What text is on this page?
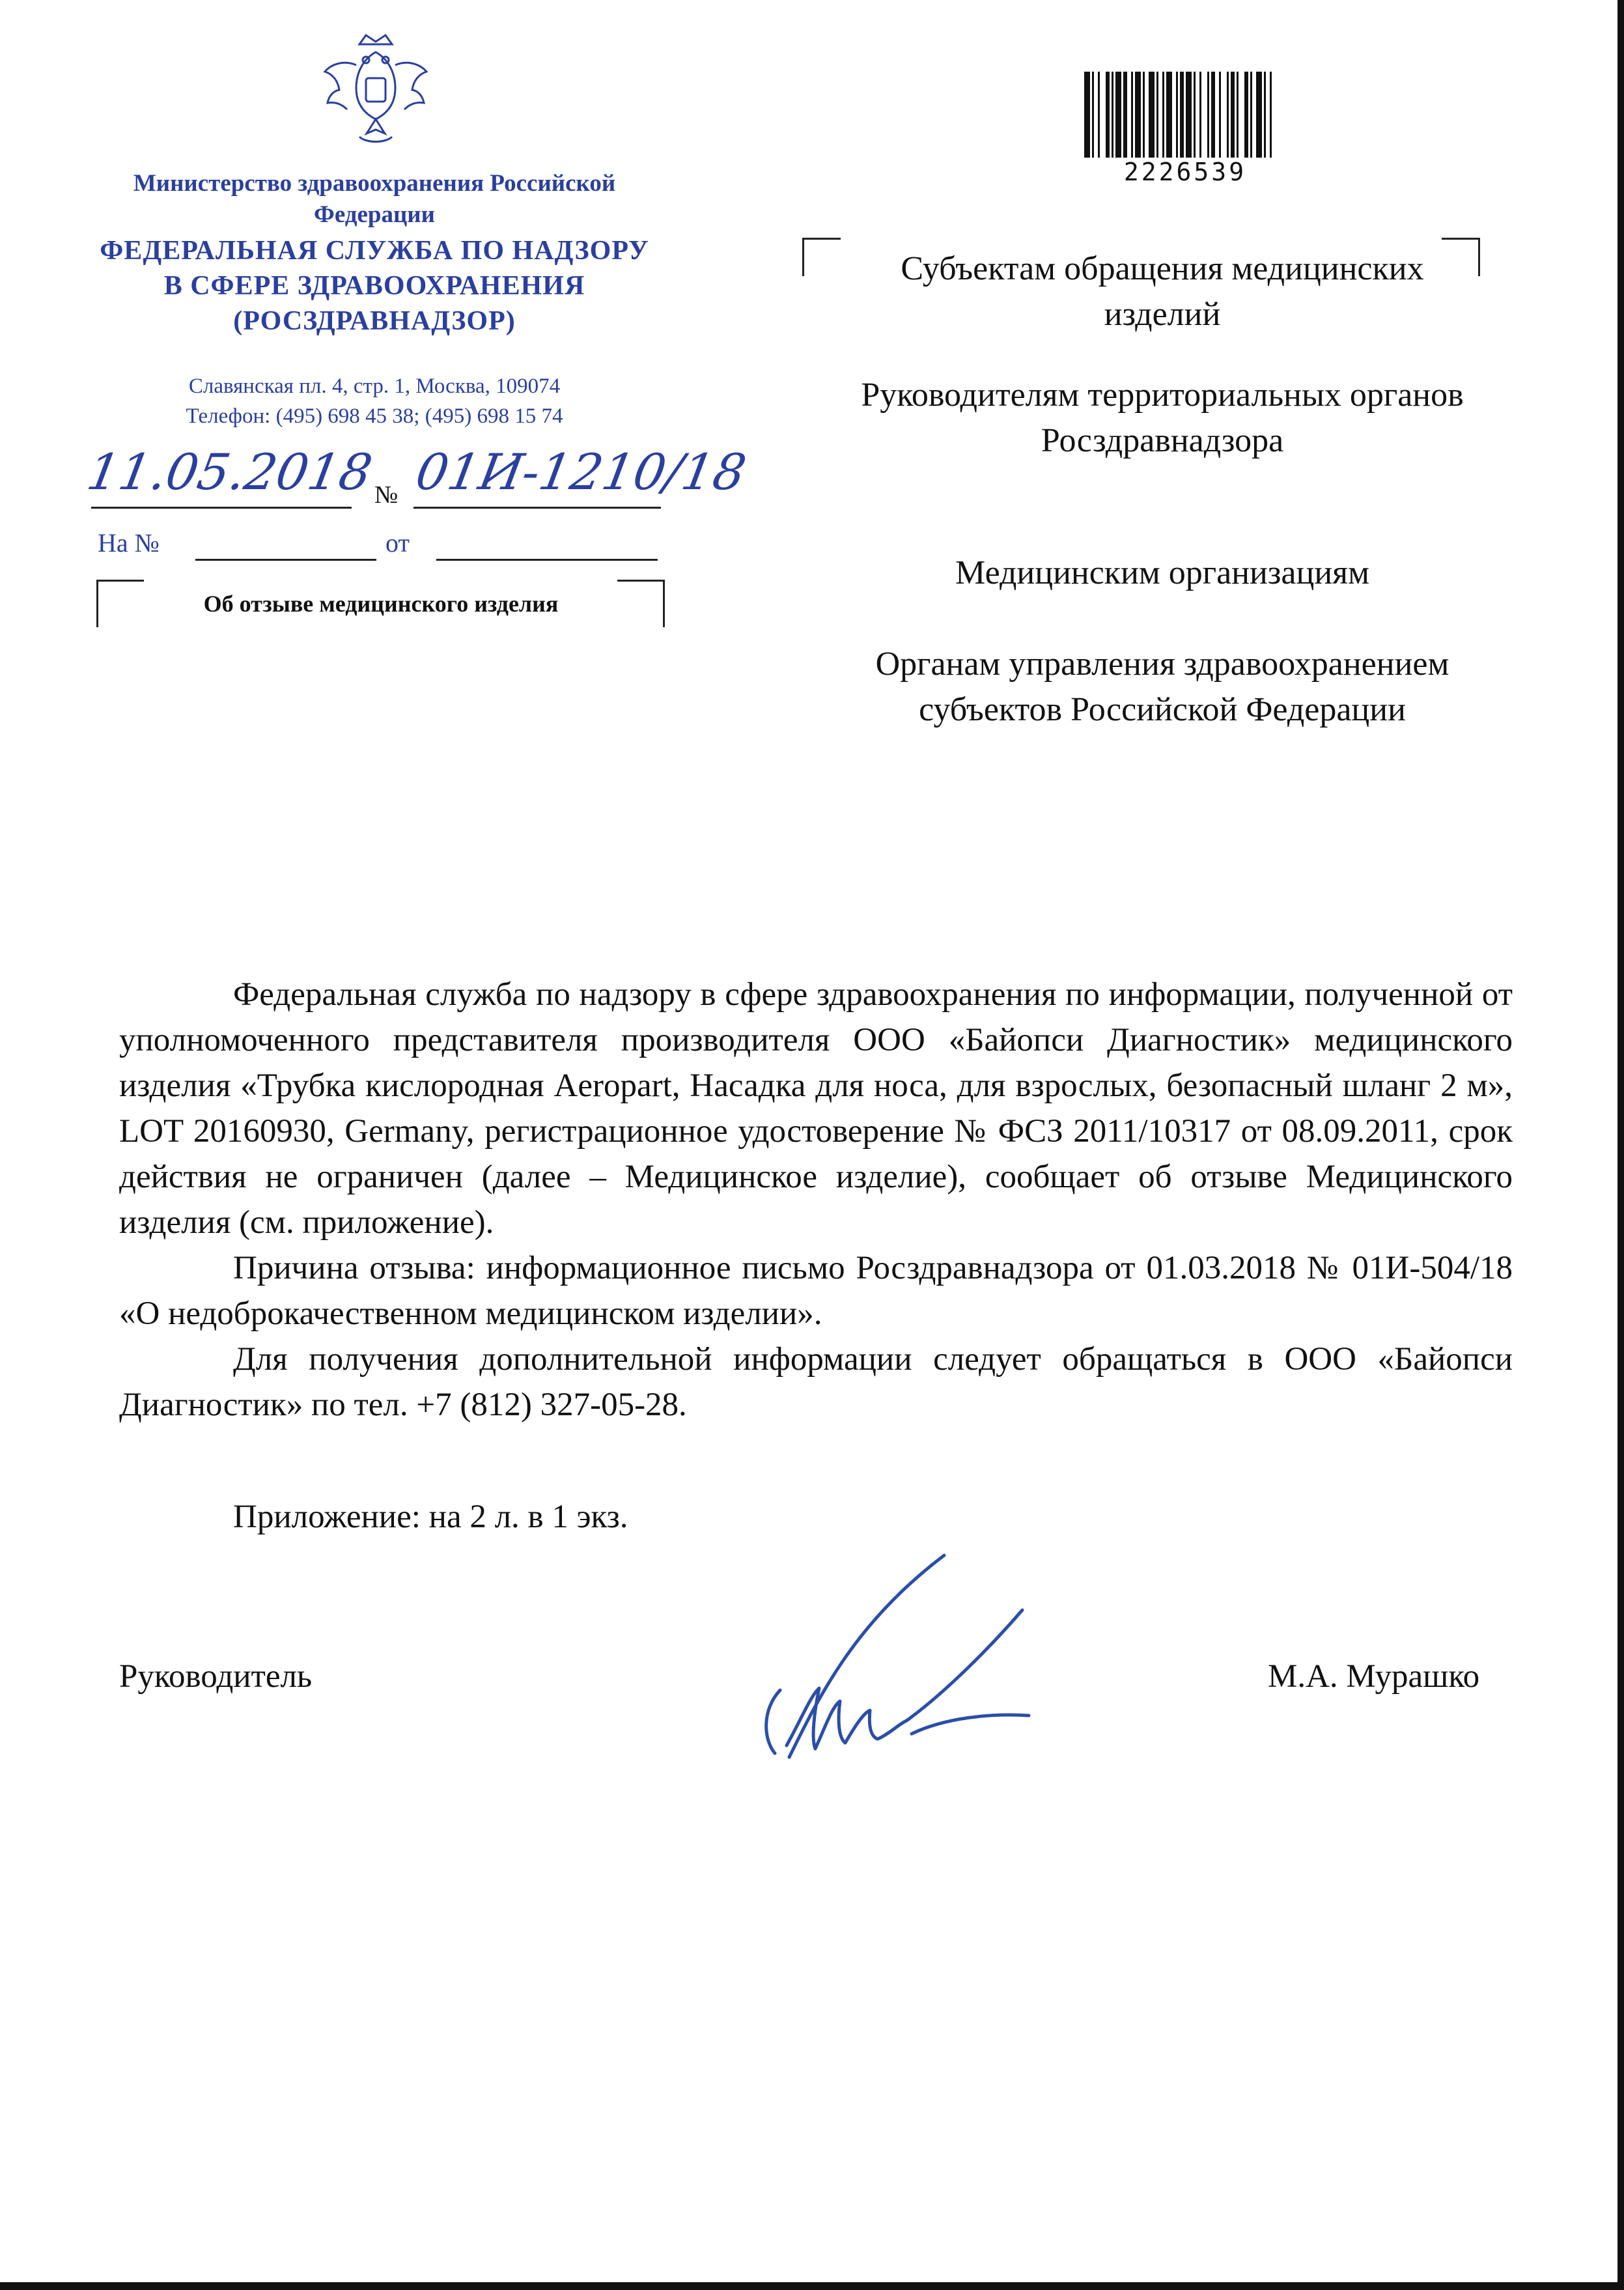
Министерство здравоохранения Российской Федерации
ФЕДЕРАЛЬНАЯ СЛУЖБА ПО НАДЗОРУ
В СФЕРЕ ЗДРАВООХРАНЕНИЯ
(РОСЗДРАВНАДЗОР)
Славянская пл. 4, стр. 1, Москва, 109074
Телефон: (495) 698 45 38; (495) 698 15 74
11.05.2018
№ 01И-1210/18
На №	от
Об отзыве медицинского изделия
2226539
Субъектам обращения медицинских изделий
Руководителям территориальных органов Росздравнадзора
Медицинским организациям
Органам управления здравоохранением субъектов Российской Федерации

Федеральная служба по надзору в сфере здравоохранения по информации, полученной от уполномоченного представителя производителя ООО «Байопси Диагностик» медицинского изделия «Трубка кислородная Aeropart, Насадка для носа, для взрослых, безопасный шланг 2 м», LOT 20160930, Germany, регистрационное удостоверение № ФСЗ 2011/10317 от 08.09.2011, срок действия не ограничен (далее – Медицинское изделие), сообщает об отзыве Медицинского изделия (см. приложение).

Причина отзыва: информационное письмо Росздравнадзора от 01.03.2018 № 01И-504/18 «О недоброкачественном медицинском изделии».

Для получения дополнительной информации следует обращаться в ООО «Байопси Диагностик» по тел. +7 (812) 327-05-28.

Приложение: на 2 л. в 1 экз.
Руководитель	М.А. Мурашко
